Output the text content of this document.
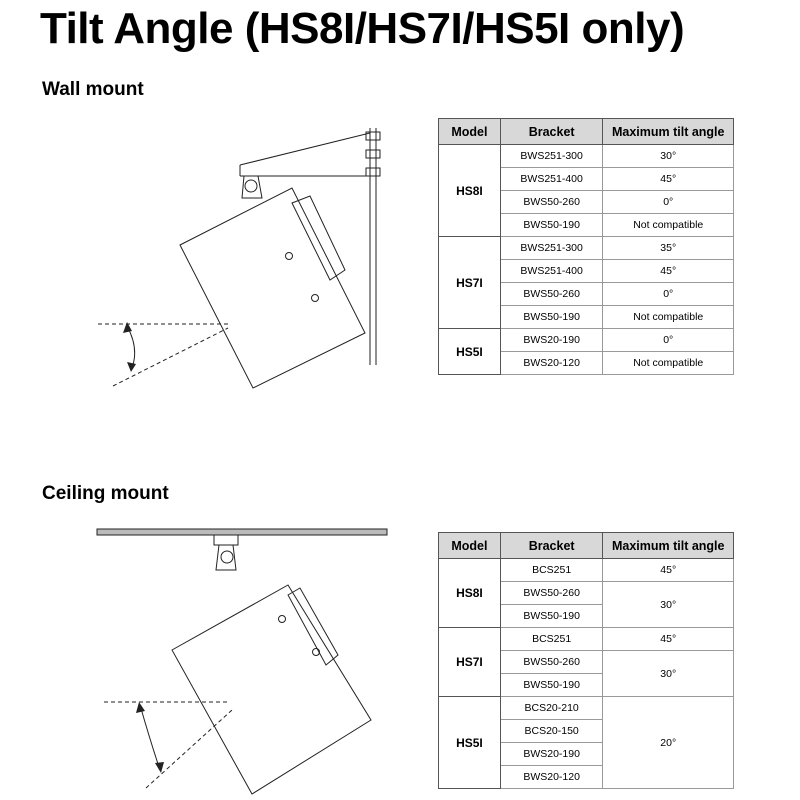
Tilt Angle (HS8I/HS7I/HS5I only)
Wall mount
Ceiling mount
Model	Bracket	Maximum tilt angle
HS8I	BWS251-300	30°
	BWS251-400	45°
	BWS50-260	0°
	BWS50-190	Not compatible
HS7I	BWS251-300	35°
	BWS251-400	45°
	BWS50-260	0°
	BWS50-190	Not compatible
HS5I	BWS20-190	0°
	BWS20-120	Not compatible
Model	Bracket	Maximum tilt angle
HS8I	BCS251	45°
	BWS50-260	30°
	BWS50-190	
HS7I	BCS251	45°
	BWS50-260	30°
	BWS50-190	
HS5I	BCS20-210	20°
	BCS20-150	
	BWS20-190	
	BWS20-120	
